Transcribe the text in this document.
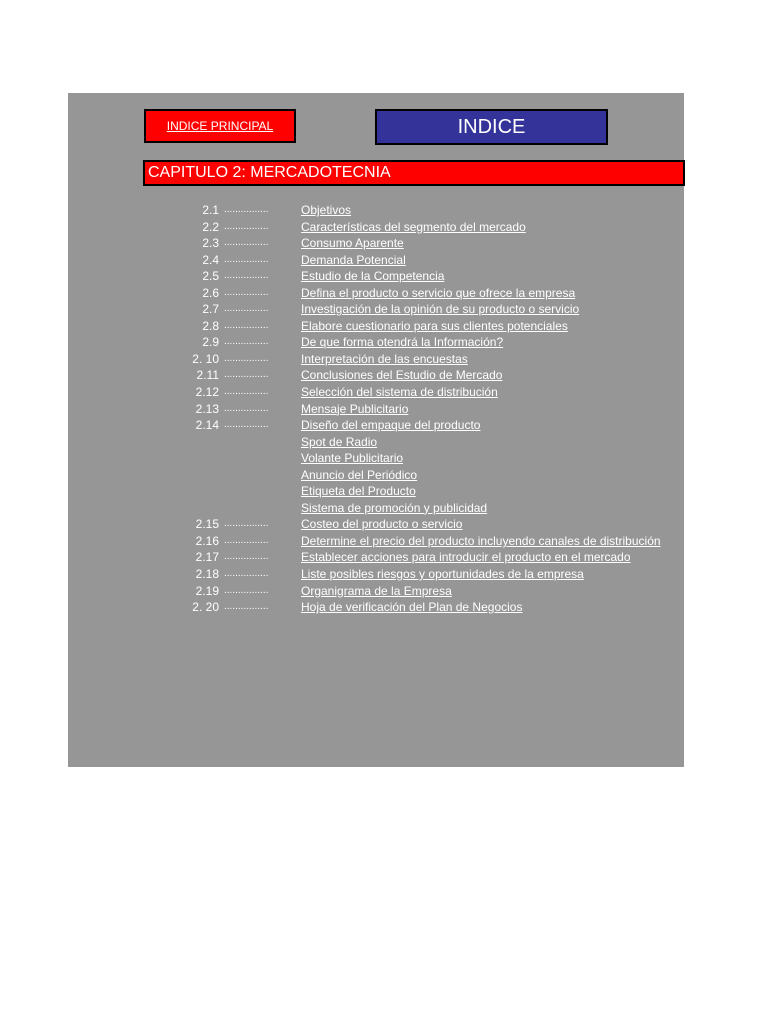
INDICE PRINCIPAL	INDICE
CAPITULO 2: MERCADOTECNIA
2.1 ................	Objetivos
2.2 ................	Características del segmento del mercado
2.3 ................	Consumo Aparente
2.4 ................	Demanda Potencial
2.5 ................	Estudio de la Competencia
2.6 ................	Defina el producto o servicio que ofrece la empresa
2.7 ................	Investigación de la opinión de su producto o servicio
2.8 ................	Elabore cuestionario para sus clientes potenciales
2.9 ................	De que forma otendrá la Información?
2. 10 ................	Interpretación de las encuestas
2.11 ................	Conclusiones del Estudio de Mercado
2.12 ................	Selección del sistema de distribución
2.13 ................	Mensaje Publicitario
2.14 ................	Diseño del empaque del producto
Spot de Radio
Volante Publicitario
Anuncio del Periódico
Etiqueta del Producto
Sistema de promoción y publicidad
2.15 ................	Costeo del producto o servicio
2.16 ................	Determine el precio del producto incluyendo canales de distribución
2.17 ................	Establecer acciones para introducir el producto en el mercado
2.18 ................	Liste posibles riesgos y oportunidades de la empresa
2.19 ................	Organigrama de la Empresa
2. 20 ................	Hoja de verificación del Plan de Negocios
